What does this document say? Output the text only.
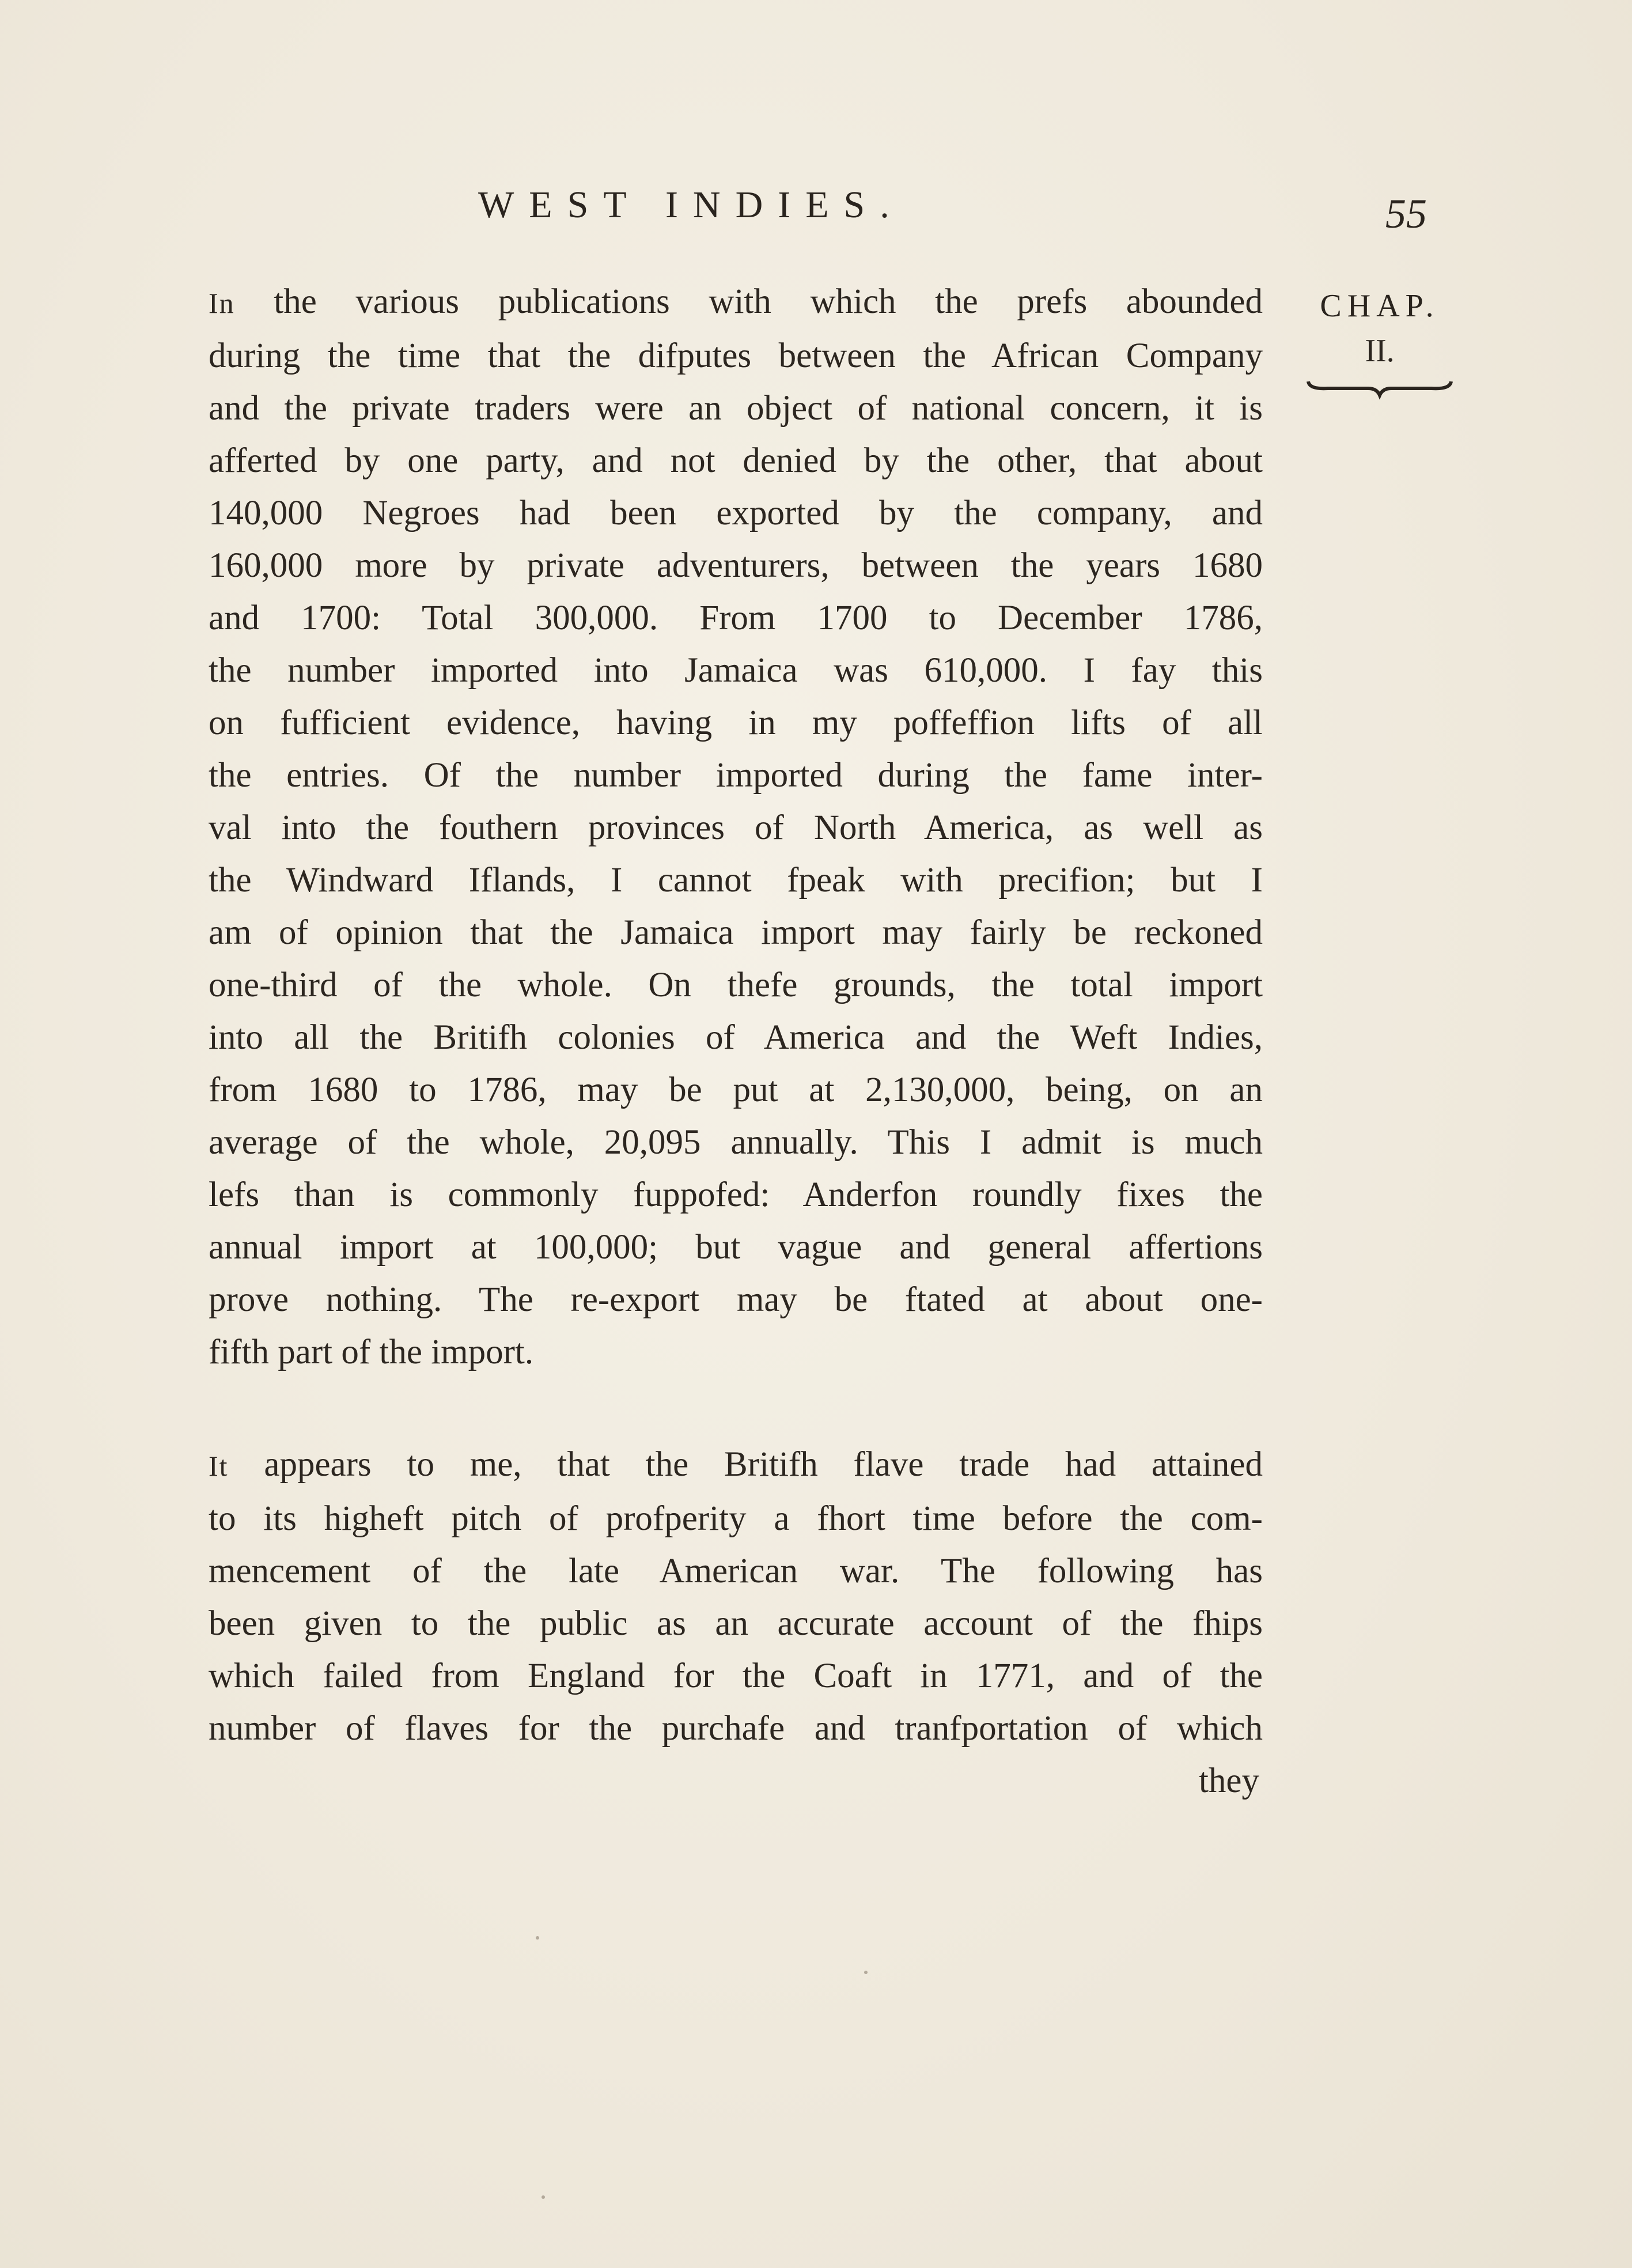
WEST INDIES.	55
CHAP.
II.

In the various publications with which the prefs abounded

during the time that the difputes between the African Company

and the private traders were an object of national concern, it is

afferted by one party, and not denied by the other, that about

140,000 Negroes had been exported by the company, and

160,000 more by private adventurers, between the years 1680

and 1700: Total 300,000. From 1700 to December 1786,

the number imported into Jamaica was 610,000. I fay this

on fufficient evidence, having in my poffeffion lifts of all

the entries. Of the number imported during the fame inter-

val into the fouthern provinces of North America, as well as

the Windward Iflands, I cannot fpeak with precifion; but I

am of opinion that the Jamaica import may fairly be reckoned

one-third of the whole. On thefe grounds, the total import

into all the Britifh colonies of America and the Weft Indies,

from 1680 to 1786, may be put at 2,130,000, being, on an

average of the whole, 20,095 annually. This I admit is much

lefs than is commonly fuppofed: Anderfon roundly fixes the

annual import at 100,000; but vague and general affertions

prove nothing. The re-export may be ftated at about one-

fifth part of the import.

It appears to me, that the Britifh flave trade had attained

to its higheft pitch of profperity a fhort time before the com-

mencement of the late American war. The following has

been given to the public as an accurate account of the fhips

which failed from England for the Coaft in 1771, and of the

number of flaves for the purchafe and tranfportation of which

they
